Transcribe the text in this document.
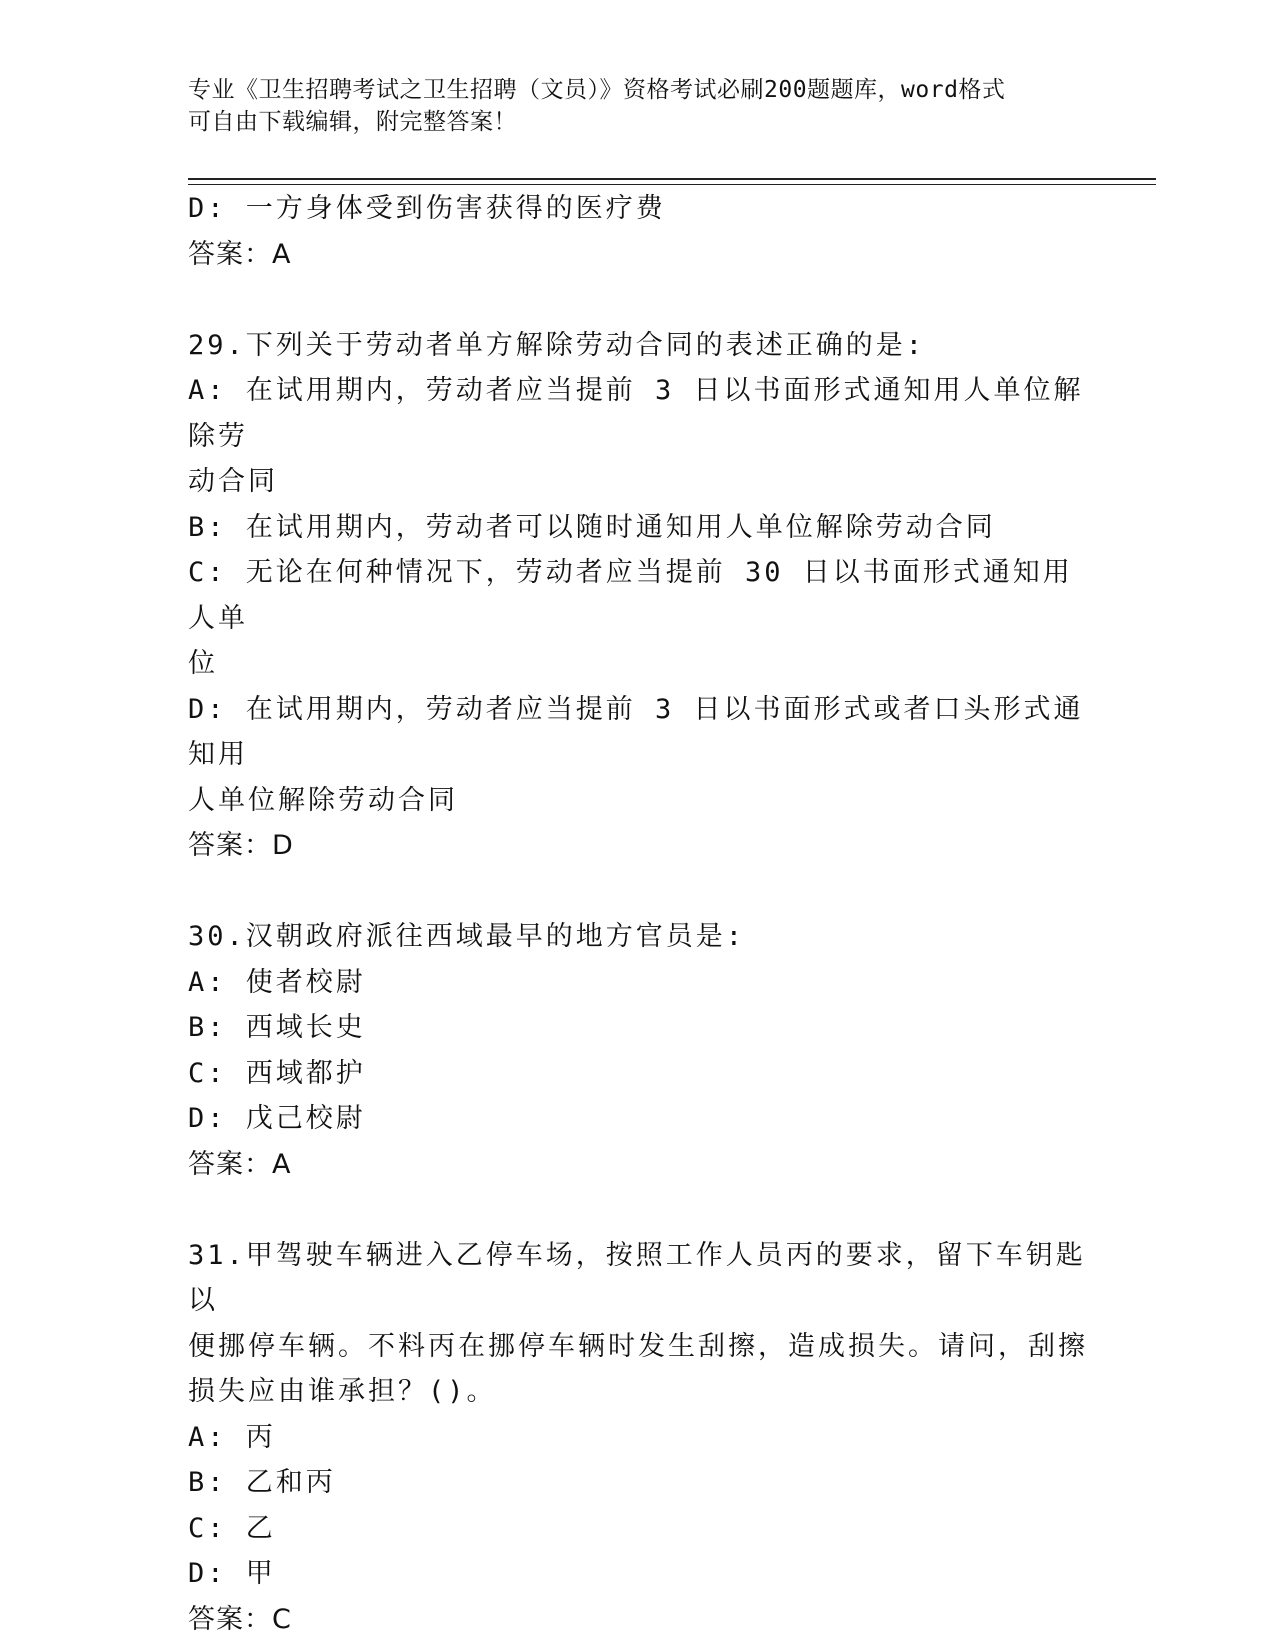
专业《卫生招聘考试之卫生招聘（文员）》资格考试必刷200题题库，word格式
可自由下载编辑，附完整答案！
D: 一方身体受到伤害获得的医疗费
答案：A
29.下列关于劳动者单方解除劳动合同的表述正确的是:
A: 在试用期内，劳动者应当提前 3 日以书面形式通知用人单位解除劳
动合同
B: 在试用期内，劳动者可以随时通知用人单位解除劳动合同
C: 无论在何种情况下，劳动者应当提前 30 日以书面形式通知用人单
位
D: 在试用期内，劳动者应当提前 3 日以书面形式或者口头形式通知用
人单位解除劳动合同
答案：D
30.汉朝政府派往西域最早的地方官员是:
A: 使者校尉
B: 西域长史
C: 西域都护
D: 戊己校尉
答案：A
31.甲驾驶车辆进入乙停车场，按照工作人员丙的要求，留下车钥匙以
便挪停车辆。不料丙在挪停车辆时发生刮擦，造成损失。请问，刮擦
损失应由谁承担？()。
A: 丙
B: 乙和丙
C: 乙
D: 甲
答案：C
